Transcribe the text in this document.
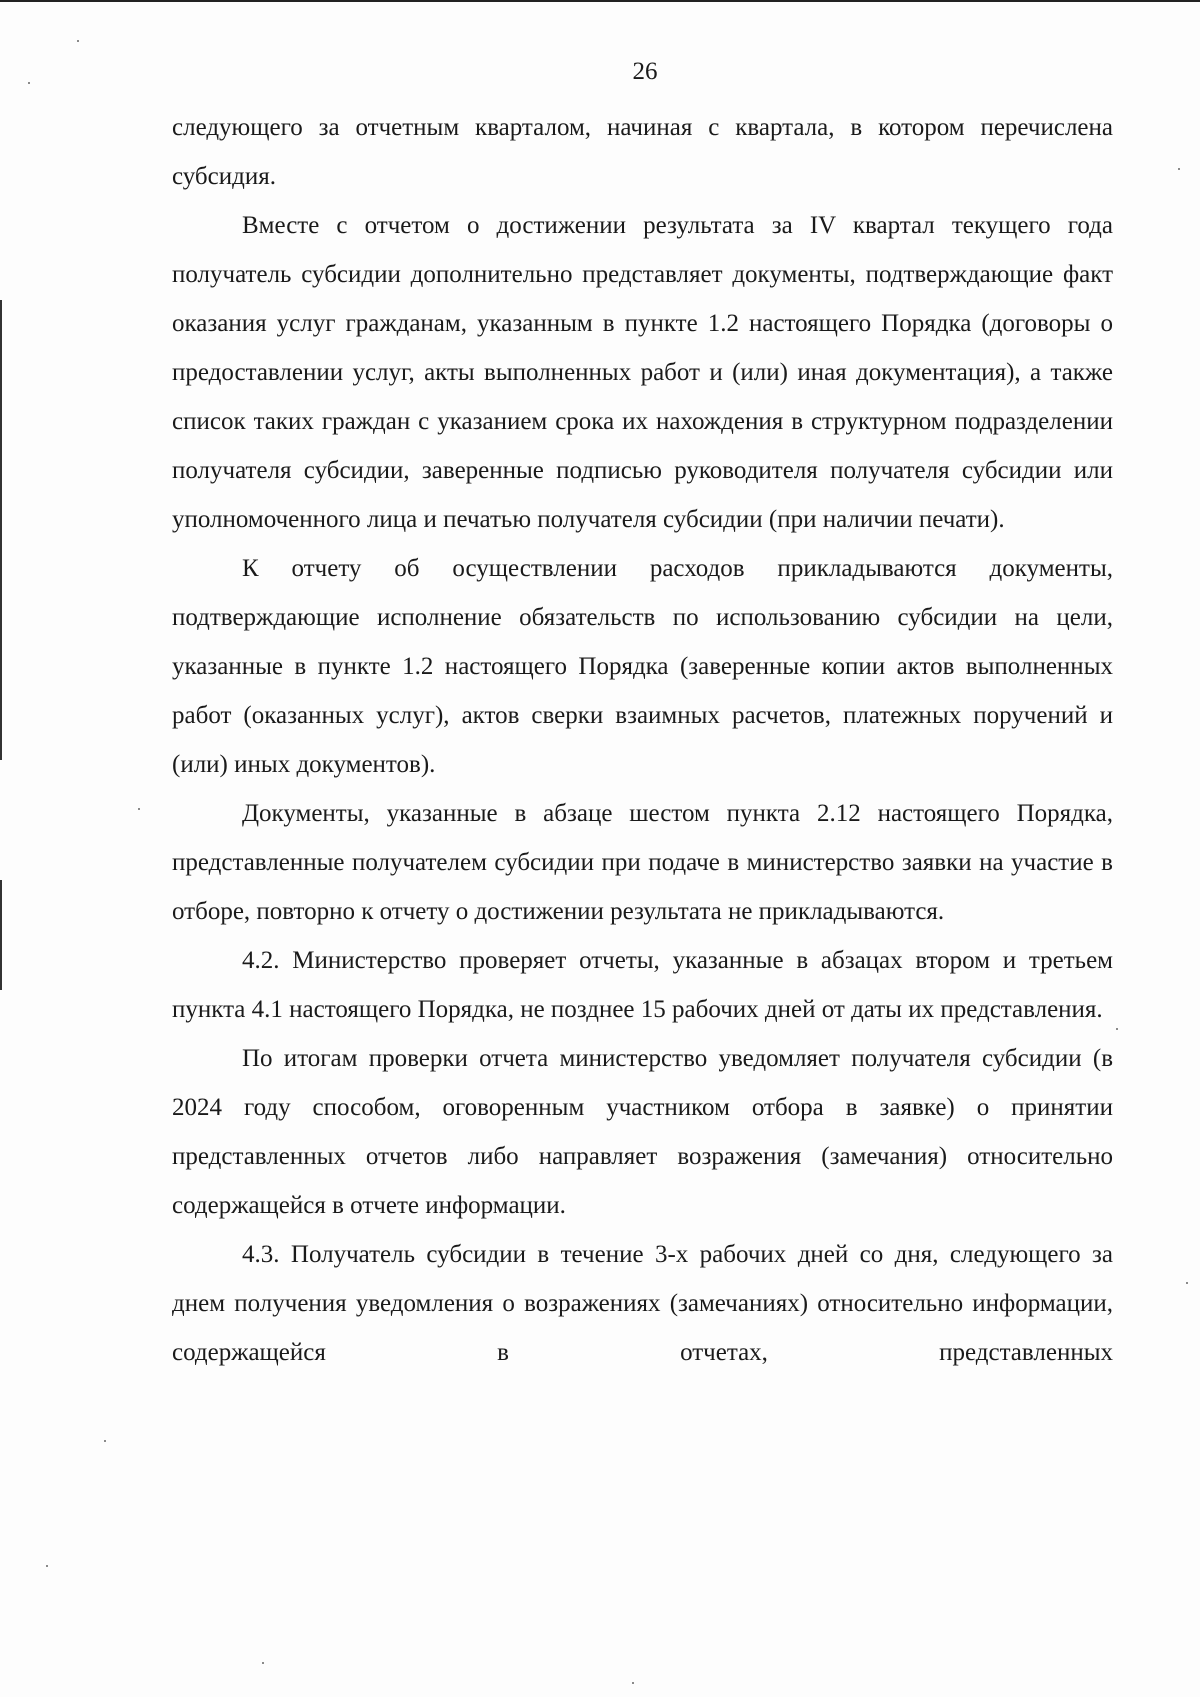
26

следующего за отчетным кварталом, начиная с квартала, в котором перечислена субсидия.

Вместе с отчетом о достижении результата за IV квартал текущего года получатель субсидии дополнительно представляет документы, подтверждающие факт оказания услуг гражданам, указанным в пункте 1.2 настоящего Порядка (договоры о предоставлении услуг, акты выполненных работ и (или) иная документация), а также список таких граждан с указанием срока их нахождения в структурном подразделении получателя субсидии, заверенные подписью руководителя получателя субсидии или уполномоченного лица и печатью получателя субсидии (при наличии печати).

К отчету об осуществлении расходов прикладываются документы, подтверждающие исполнение обязательств по использованию субсидии на цели, указанные в пункте 1.2 настоящего Порядка (заверенные копии актов выполненных работ (оказанных услуг), актов сверки взаимных расчетов, платежных поручений и (или) иных документов).

Документы, указанные в абзаце шестом пункта 2.12 настоящего Порядка, представленные получателем субсидии при подаче в министерство заявки на участие в отборе, повторно к отчету о достижении результата не прикладываются.

4.2. Министерство проверяет отчеты, указанные в абзацах втором и третьем пункта 4.1 настоящего Порядка, не позднее 15 рабочих дней от даты их представления.

По итогам проверки отчета министерство уведомляет получателя субсидии (в 2024 году способом, оговоренным участником отбора в заявке) о принятии представленных отчетов либо направляет возражения (замечания) относительно содержащейся в отчете информации.

4.3. Получатель субсидии в течение 3-х рабочих дней со дня, следующего за днем получения уведомления о возражениях (замечаниях) относительно информации, содержащейся в отчетах, представленных
